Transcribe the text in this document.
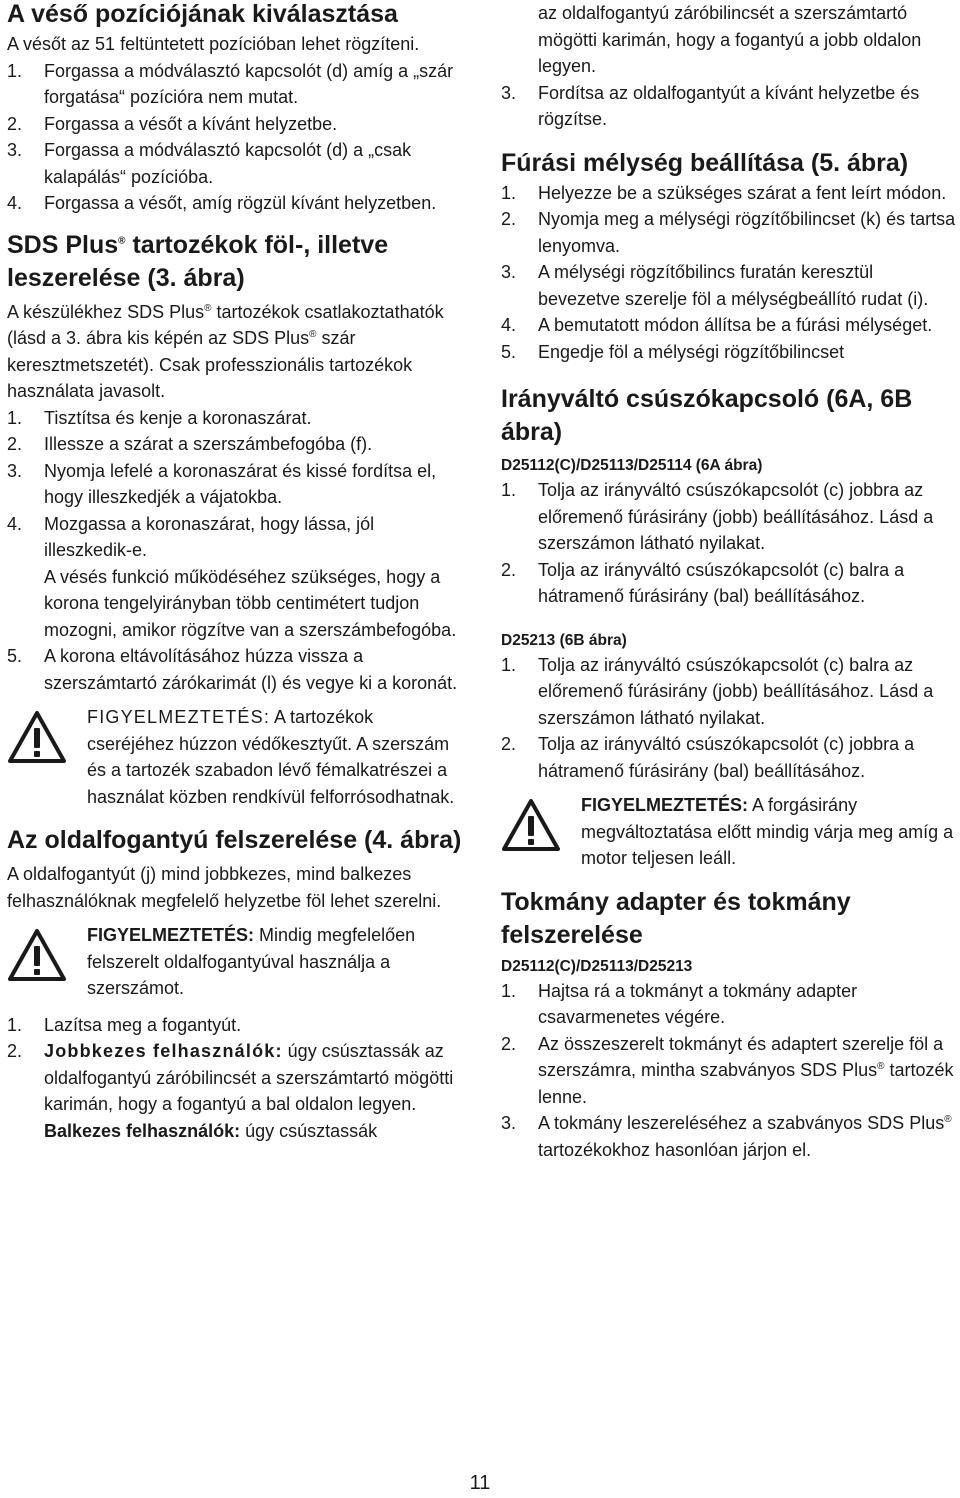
A véső pozíciójának kiválasztása
A vésőt az 51 feltüntetett pozícióban lehet rögzíteni.
1. Forgassa a módválasztó kapcsolót (d) amíg a „szár forgatása“ pozícióra nem mutat.
2. Forgassa a vésőt a kívánt helyzetbe.
3. Forgassa a módválasztó kapcsolót (d) a „csak kalapálás“ pozícióba.
4. Forgassa a vésőt, amíg rögzül kívánt helyzetben.
SDS Plus® tartozékok föl-, illetve leszerelése (3. ábra)
A készülékhez SDS Plus® tartozékok csatlakoztathatók (lásd a 3. ábra kis képén az SDS Plus® szár keresztmetszetét). Csak professzionális tartozékok használata javasolt.
1. Tisztítsa és kenje a koronaszárat.
2. Illessze a szárat a szerszámbefogóba (f).
3. Nyomja lefelé a koronaszárat és kissé fordítsa el, hogy illeszkedjék a vájatokba.
4. Mozgassa a koronaszárat, hogy lássa, jól illeszkedik-e.
A vésés funkció működéséhez szükséges, hogy a korona tengelyirányban több centimétert tudjon mozogni, amikor rögzítve van a szerszámbefogóba.
5. A korona eltávolításához húzza vissza a szerszámtartó zárókarimát (l) és vegye ki a koronát.
FIGYELMEZTETÉS: A tartozékok cseréjéhez húzzon védőkesztyűt. A szerszám és a tartozék szabadon lévő fémalkatrészei a használat közben rendkívül felforrósodhatnak.
Az oldalfogantyú felszerelése (4. ábra)
A oldalfogantyút (j) mind jobbkezes, mind balkezes felhasználóknak megfelelő helyzetbe föl lehet szerelni.
FIGYELMEZTETÉS: Mindig megfelelően felszerelt oldalfogantyúval használja a szerszámot.
1. Lazítsa meg a fogantyút.
2. Jobbkezes felhasználók: úgy csúsztassák az oldalfogantyú záróbilincsét a szerszámtartó mögötti karimán, hogy a fogantyú a bal oldalon legyen.
Balkezes felhasználók: úgy csúsztassák
az oldalfogantyú záróbilincsét a szerszámtartó mögötti karimán, hogy a fogantyú a jobb oldalon legyen.
3. Fordítsa az oldalfogantyút a kívánt helyzetbe és rögzítse.
Fúrási mélység beállítása (5. ábra)
1. Helyezze be a szükséges szárat a fent leírt módon.
2. Nyomja meg a mélységi rögzítőbilincset (k) és tartsa lenyomva.
3. A mélységi rögzítőbilincs furatán keresztül bevezetve szerelje föl a mélységbeállító rudat (i).
4. A bemutatott módon állítsa be a fúrási mélységet.
5. Engedje föl a mélységi rögzítőbilincset
Irányváltó csúszókapcsoló (6A, 6B ábra)
D25112(C)/D25113/D25114 (6A ábra)
1. Tolja az irányváltó csúszókapcsolót (c) jobbra az előremenő fúrásirány (jobb) beállításához. Lásd a szerszámon látható nyilakat.
2. Tolja az irányváltó csúszókapcsolót (c) balra a hátramenő fúrásirány (bal) beállításához.
D25213 (6B ábra)
1. Tolja az irányváltó csúszókapcsolót (c) balra az előremenő fúrásirány (jobb) beállításához. Lásd a szerszámon látható nyilakat.
2. Tolja az irányváltó csúszókapcsolót (c) jobbra a hátramenő fúrásirány (bal) beállításához.
FIGYELMEZTETÉS: A forgásirány megváltoztatása előtt mindig várja meg amíg a motor teljesen leáll.
Tokmány adapter és tokmány felszerelése
D25112(C)/D25113/D25213
1. Hajtsa rá a tokmányt a tokmány adapter csavarmenetes végére.
2. Az összeszerelt tokmányt és adaptert szerelje föl a szerszámra, mintha szabványos SDS Plus® tartozék lenne.
3. A tokmány leszereléséhez a szabványos SDS Plus® tartozékokhoz hasonlóan járjon el.
11
